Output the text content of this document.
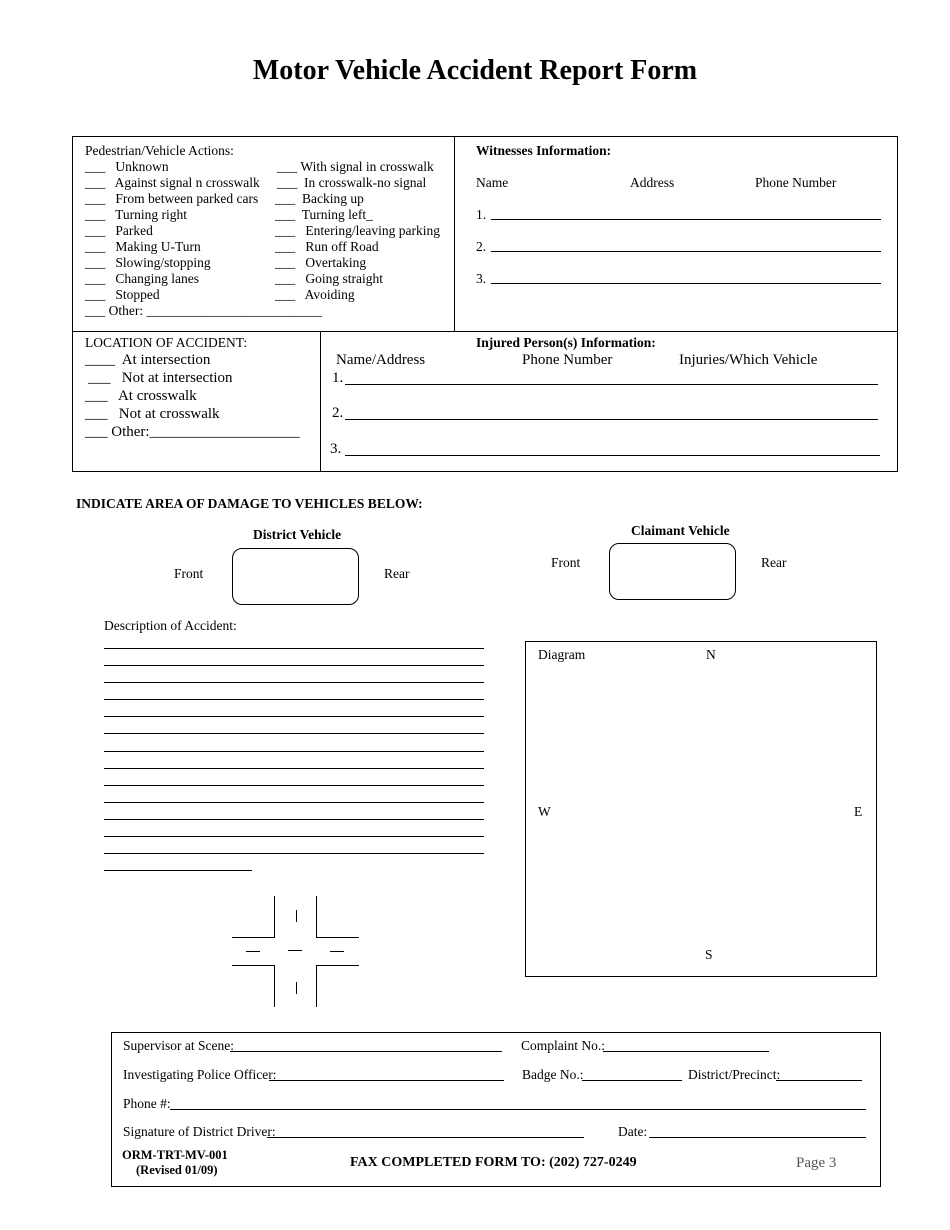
Motor Vehicle Accident Report Form
Pedestrian/Vehicle Actions:
___   Unknown
___   Against signal n crosswalk
___   From between parked cars
___   Turning right
___   Parked
___   Making U-Turn
___   Slowing/stopping
___   Changing lanes
___   Stopped
___ With signal in crosswalk
___  In crosswalk-no signal
___  Backing up
___  Turning left_
___   Entering/leaving parking
___   Run off Road
___   Overtaking
___   Going straight
___   Avoiding
___ Other: __________________________
Witnesses Information:
Name	Address	Phone Number
1.
2.
3.
LOCATION OF ACCIDENT:
____  At intersection
___   Not at intersection
___   At crosswalk
___   Not at crosswalk
___ Other:____________________
Injured Person(s) Information:
Name/Address	Phone Number	Injuries/Which Vehicle
1.
2.
3.
INDICATE AREA OF DAMAGE TO VEHICLES BELOW:
District Vehicle
Front	Rear
Claimant Vehicle
Front	Rear
Description of Accident:
Diagram	N
W	E
S
Supervisor at Scene:	Complaint No.:
Investigating Police Officer:	Badge No.:	District/Precinct:
Phone #:
Signature of District Driver:	Date:
ORM-TRT-MV-001
(Revised 01/09)	FAX COMPLETED FORM TO: (202) 727-0249	Page 3
